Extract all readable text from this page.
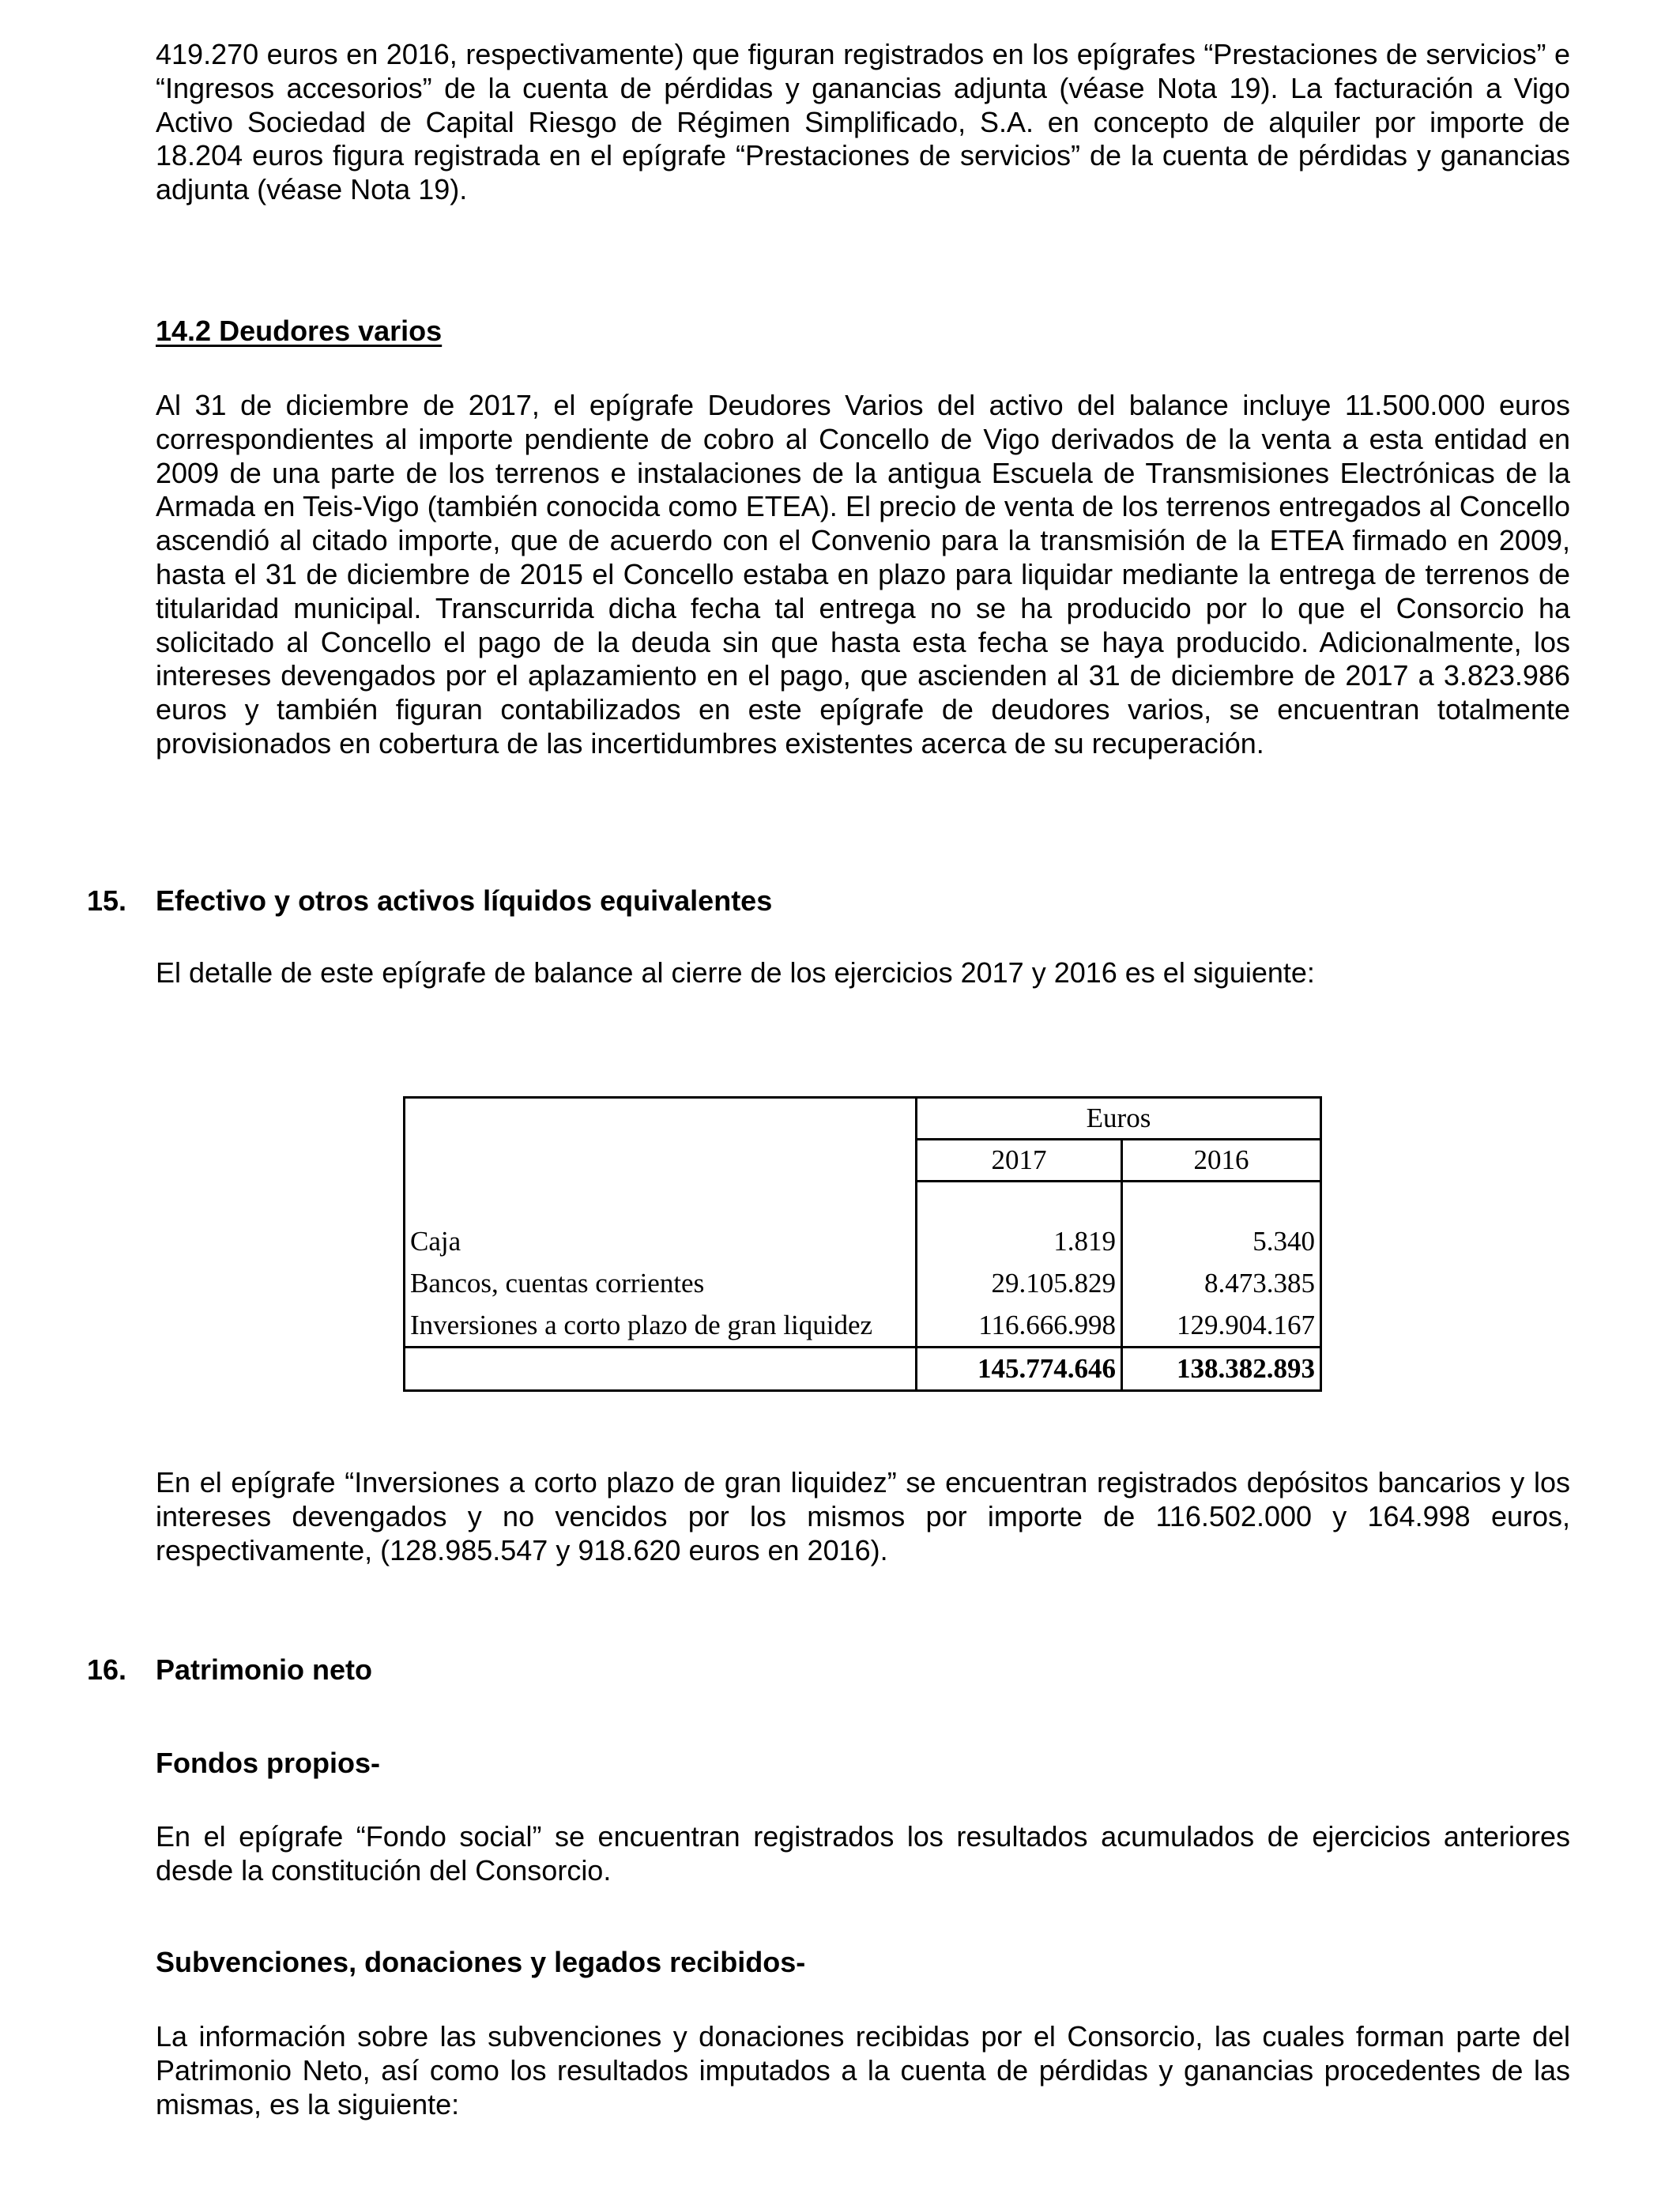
419.270 euros en 2016, respectivamente) que figuran registrados en los epígrafes “Prestaciones de servicios” e “Ingresos accesorios” de la cuenta de pérdidas y ganancias adjunta (véase Nota 19). La facturación a Vigo Activo Sociedad de Capital Riesgo de Régimen Simplificado, S.A. en concepto de alquiler por importe de 18.204 euros figura registrada en el epígrafe “Prestaciones de servicios” de la cuenta de pérdidas y ganancias adjunta (véase Nota 19).

14.2 Deudores varios

Al 31 de diciembre de 2017, el epígrafe Deudores Varios del activo del balance incluye 11.500.000 euros correspondientes al importe pendiente de cobro al Concello de Vigo derivados de la venta a esta entidad en 2009 de una parte de los terrenos e instalaciones de la antigua Escuela de Transmisiones Electrónicas de la Armada en Teis-Vigo (también conocida como ETEA). El precio de venta de los terrenos entregados al Concello ascendió al citado importe, que de acuerdo con el Convenio para la transmisión de la ETEA firmado en 2009, hasta el 31 de diciembre de 2015 el Concello estaba en plazo para liquidar mediante la entrega de terrenos de titularidad municipal. Transcurrida dicha fecha tal entrega no se ha producido por lo que el Consorcio ha solicitado al Concello el pago de la deuda sin que hasta esta fecha se haya producido. Adicionalmente, los intereses devengados por el aplazamiento en el pago, que ascienden al 31 de diciembre de 2017 a 3.823.986 euros y también figuran contabilizados en este epígrafe de deudores varios, se encuentran totalmente provisionados en cobertura de las incertidumbres existentes acerca de su recuperación.

15. Efectivo y otros activos líquidos equivalentes

El detalle de este epígrafe de balance al cierre de los ejercicios 2017 y 2016 es el siguiente:

	Euros	
	2017	2016

Caja	1.819	5.340
Bancos, cuentas corrientes	29.105.829	8.473.385
Inversiones a corto plazo de gran liquidez	116.666.998	129.904.167
	145.774.646	138.382.893

En el epígrafe “Inversiones a corto plazo de gran liquidez” se encuentran registrados depósitos bancarios y los intereses devengados y no vencidos por los mismos por importe de 116.502.000 y 164.998 euros, respectivamente, (128.985.547 y 918.620 euros en 2016).

16. Patrimonio neto
Fondos propios-

En el epígrafe “Fondo social” se encuentran registrados los resultados acumulados de ejercicios anteriores desde la constitución del Consorcio.

Subvenciones, donaciones y legados recibidos-

La información sobre las subvenciones y donaciones recibidas por el Consorcio, las cuales forman parte del Patrimonio Neto, así como los resultados imputados a la cuenta de pérdidas y ganancias procedentes de las mismas, es la siguiente:
